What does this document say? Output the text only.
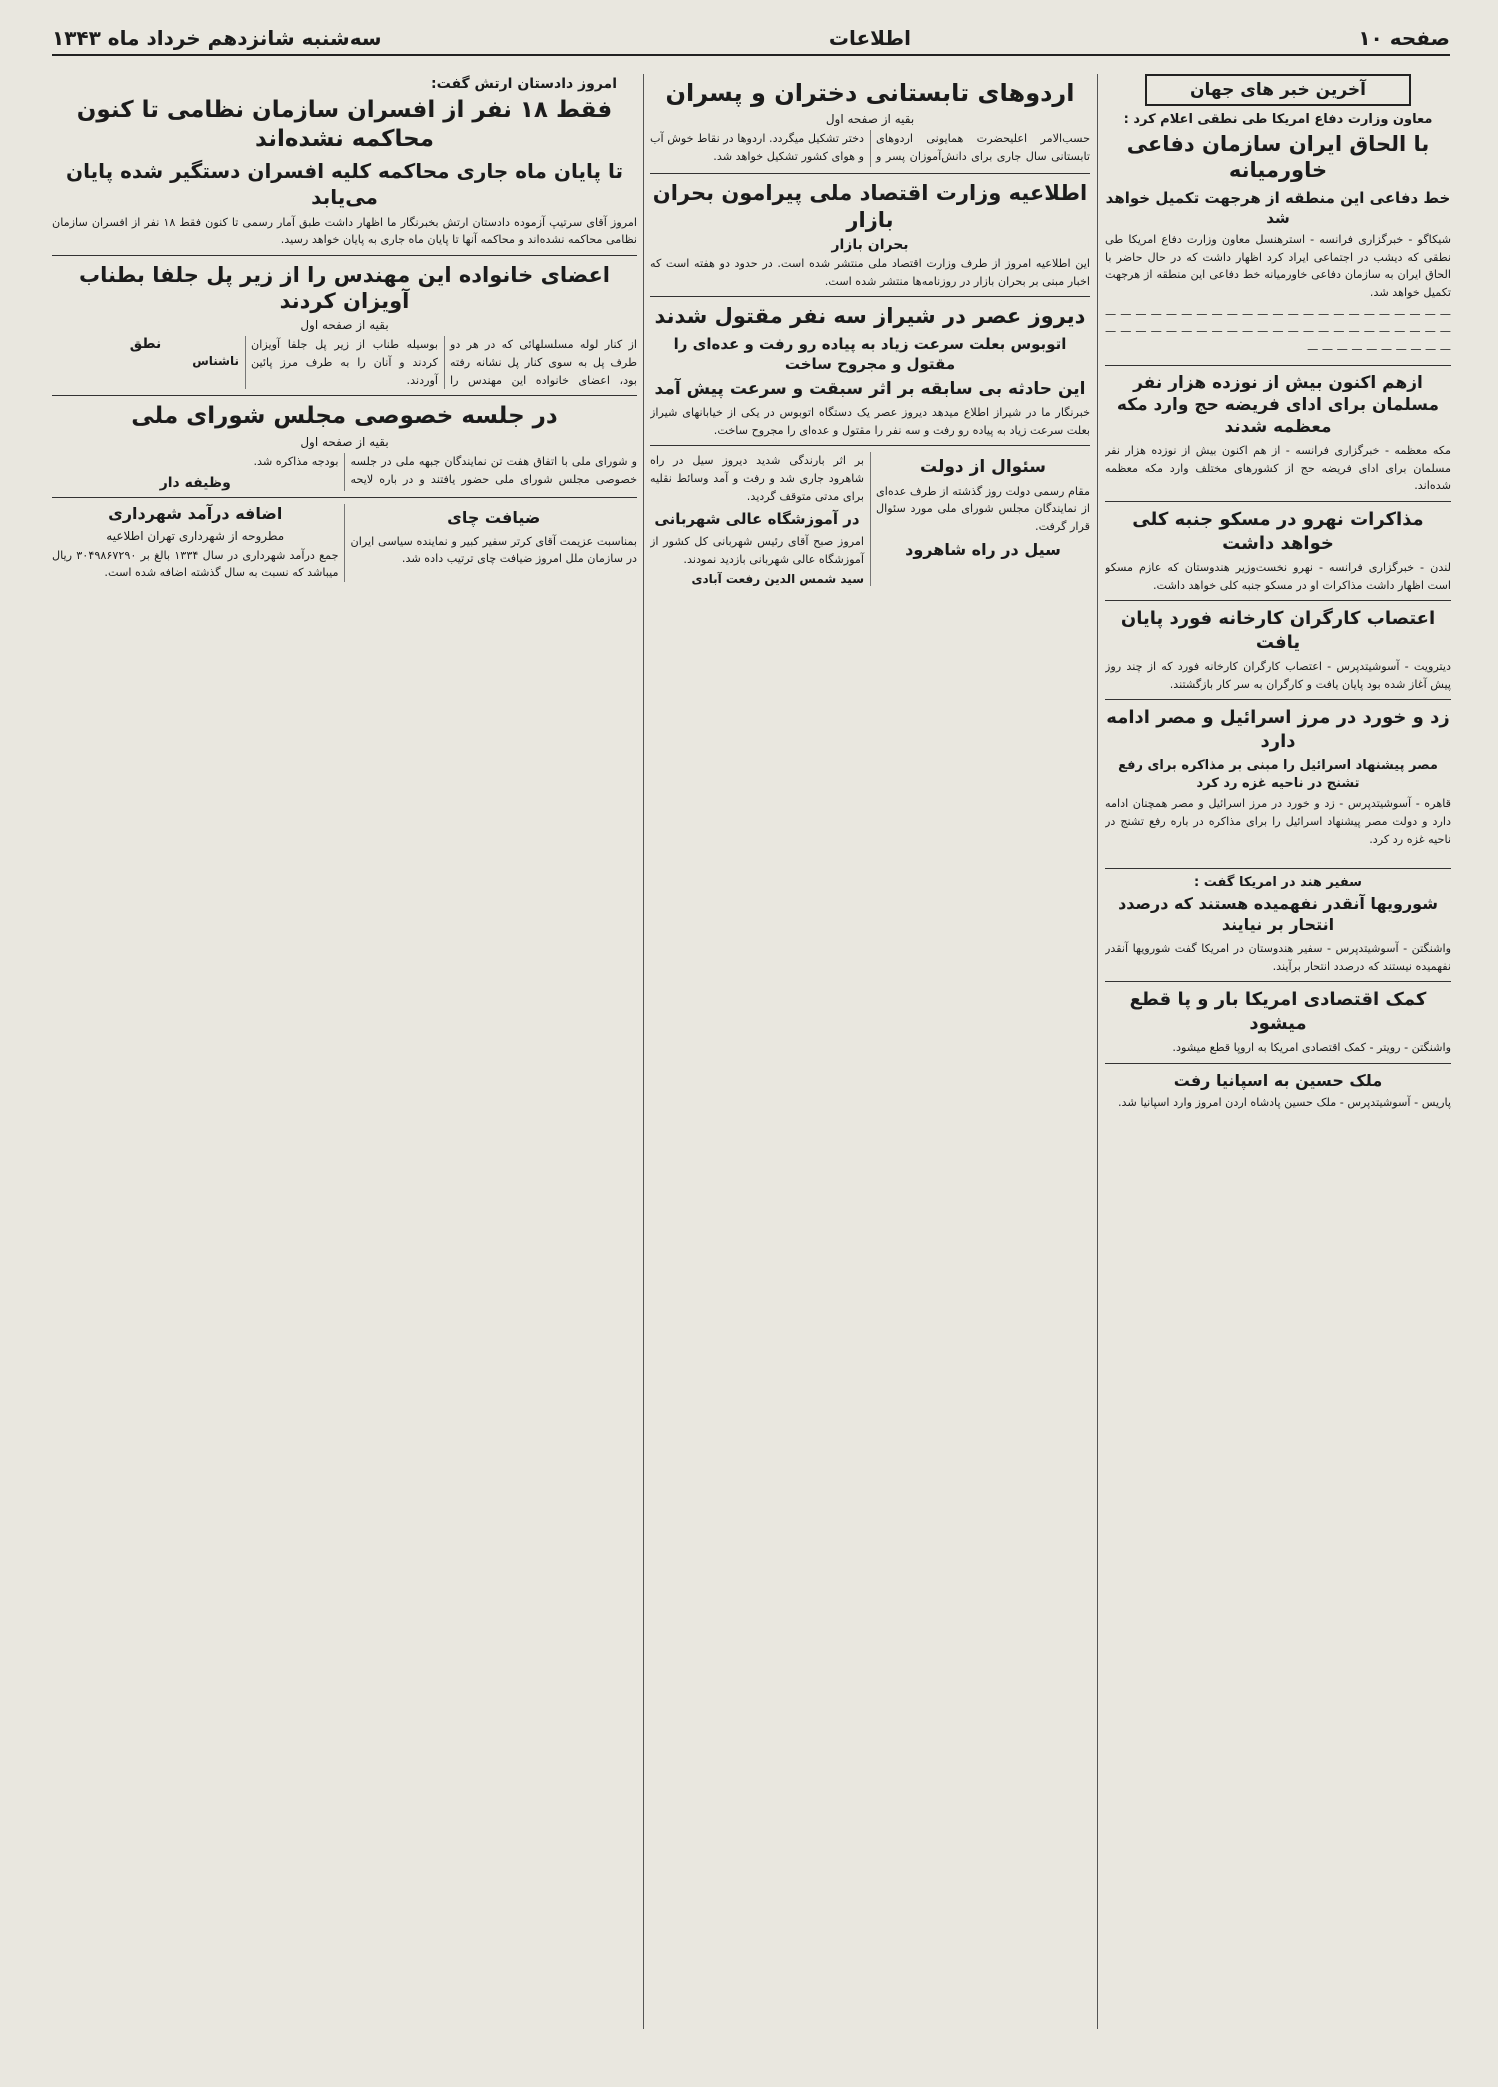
صفحه ۱۰
اطلاعات
سه‌شنبه شانزدهم خرداد ماه ۱۳۴۳
آخرین خبر های جهان
معاون وزارت دفاع امریکا طی نطقی اعلام کرد :
با الحاق ایران سازمان دفاعی خاورمیانه
خط دفاعی این منطقه از هرجهت تکمیل خواهد شد

شیکاگو - خبرگزاری فرانسه - استرهنسل معاون وزارت دفاع امریکا طی نطقی که دیشب در اجتماعی ایراد کرد اظهار داشت که در حال حاضر با الحاق ایران به سازمان دفاعی خاورمیانه خط دفاعی این منطقه از هرجهت تکمیل خواهد شد.

— — — — — — — — — — — — — — — — — — — — — — — — — — — — — — — — — — — — — — — — — — — — — — — — — — — — — — — —

ازهم اکنون بیش از نوزده هزار نفر مسلمان برای ادای فریضه حج وارد مکه معظمه شدند

مکه معظمه - خبرگزاری فرانسه - از هم اکنون بیش از نوزده هزار نفر مسلمان برای ادای فریضه حج از کشورهای مختلف وارد مکه معظمه شده‌اند.

مذاکرات نهرو در مسکو جنبه کلی خواهد داشت

لندن - خبرگزاری فرانسه - نهرو نخست‌وزیر هندوستان که عازم مسکو است اظهار داشت مذاکرات او در مسکو جنبه کلی خواهد داشت.

اعتصاب کارگران کارخانه فورد پایان یافت

دیترویت - آسوشیتدپرس - اعتصاب کارگران کارخانه فورد که از چند روز پیش آغاز شده بود پایان یافت و کارگران به سر کار بازگشتند.

زد و خورد در مرز اسرائیل و مصر ادامه دارد
مصر پیشنهاد اسرائیل را مبنی بر مذاکره برای رفع تشنج در ناحیه غزه رد کرد

قاهره - آسوشیتدپرس - زد و خورد در مرز اسرائیل و مصر همچنان ادامه دارد و دولت مصر پیشنهاد اسرائیل را برای مذاکره در باره رفع تشنج در ناحیه غزه رد کرد.

سفیر هند در امریکا گفت :
شورویها آنقدر نفهمیده هستند که درصدد انتحار بر نیایند

واشنگتن - آسوشیتدپرس - سفیر هندوستان در امریکا گفت شورویها آنقدر نفهمیده نیستند که درصدد انتحار برآیند.

کمک اقتصادی امریکا بار و پا قطع میشود

واشنگتن - رویتر - کمک اقتصادی امریکا به اروپا قطع میشود.

ملک حسین به اسپانیا رفت

پاریس - آسوشیتدپرس - ملک حسین پادشاه اردن امروز وارد اسپانیا شد.

اردوهای تابستانی دختران و پسران
بقیه از صفحه اول

حسب‌الامر اعلیحضرت همایونی اردوهای تابستانی سال جاری برای دانش‌آموزان پسر و دختر تشکیل میگردد. اردوها در نقاط خوش آب و هوای کشور تشکیل خواهد شد.

اطلاعیه وزارت اقتصاد ملی پیرامون بحران بازار
بحران بازار

این اطلاعیه امروز از طرف وزارت اقتصاد ملی منتشر شده است. در حدود دو هفته است که اخبار مبنی بر بحران بازار در روزنامه‌ها منتشر شده است.

دیروز عصر در شیراز سه نفر مقتول شدند
اتوبوس بعلت سرعت زیاد به پیاده رو رفت و عده‌ای را مقتول و مجروح ساخت
این حادثه بی سابقه بر اثر سبقت و سرعت پیش آمد

خبرنگار ما در شیراز اطلاع میدهد دیروز عصر یک دستگاه اتوبوس در یکی از خیابانهای شیراز بعلت سرعت زیاد به پیاده رو رفت و سه نفر را مقتول و عده‌ای را مجروح ساخت.

سئوال از دولت

مقام رسمی دولت روز گذشته از طرف عده‌ای از نمایندگان مجلس شورای ملی مورد سئوال قرار گرفت.

سیل در راه شاهرود

بر اثر بارندگی شدید دیروز سیل در راه شاهرود جاری شد و رفت و آمد وسائط نقلیه برای مدتی متوقف گردید.

در آموزشگاه عالی شهربانی

امروز صبح آقای رئیس شهربانی کل کشور از آموزشگاه عالی شهربانی بازدید نمودند.

سید شمس الدین رفعت آبادی
امروز دادستان ارتش گفت:
فقط ۱۸ نفر از افسران سازمان نظامی تا کنون محاکمه نشده‌اند
تا پایان ماه جاری محاکمه کلیه افسران دستگیر شده پایان می‌یابد

امروز آقای سرتیپ آزموده دادستان ارتش بخبرنگار ما اظهار داشت طبق آمار رسمی تا کنون فقط ۱۸ نفر از افسران سازمان نظامی محاکمه نشده‌اند و محاکمه آنها تا پایان ماه جاری به پایان خواهد رسید.

اعضای خانواده این مهندس را از زیر پل جلفا بطناب آویزان کردند
بقیه از صفحه اول

از کنار لوله مسلسلهائی که در هر دو طرف پل به سوی کنار پل نشانه رفته بود، اعضای خانواده این مهندس را بوسیله طناب از زیر پل جلفا آویزان کردند و آنان را به طرف مرز پائین آوردند.

نطق
ناشناس
در جلسه خصوصی مجلس شورای ملی
بقیه از صفحه اول

و شورای ملی با اتفاق هفت تن نمایندگان جبهه ملی در جلسه خصوصی مجلس شورای ملی حضور یافتند و در باره لایحه بودجه مذاکره شد.

وظیفه دار
ضیافت چای

بمناسبت عزیمت آقای کرتر سفیر کبیر و نماینده سیاسی ایران در سازمان ملل امروز ضیافت چای ترتیب داده شد.

اضافه درآمد شهرداری
مطروحه از شهرداری تهران اطلاعیه

جمع درآمد شهرداری در سال ۱۳۳۴ بالغ بر ۳۰۴۹۸۶۷۲۹۰ ریال میباشد که نسبت به سال گذشته اضافه شده است.
